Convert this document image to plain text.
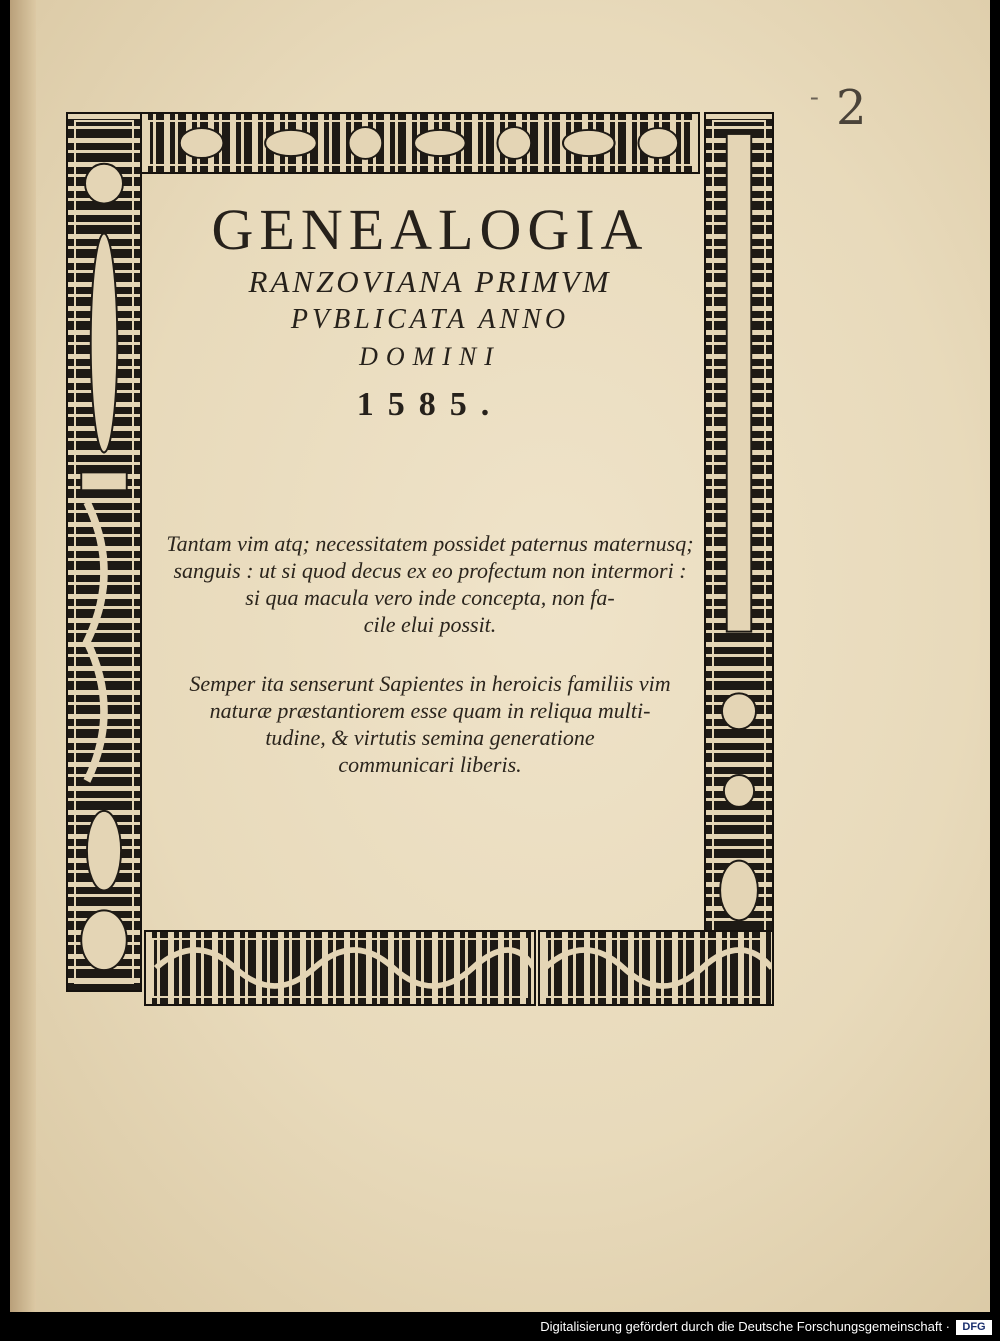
- 2
GENEALOGIA
RANZOVIANA PRIMVM
PVBLICATA ANNO
DOMINI
1585.
Tantam vim atq; necessitatem possidet paternus maternusq;
sanguis : ut si quod decus ex eo profectum non intermori :
si qua macula vero inde concepta, non fa-
cile elui possit.
Semper ita senserunt Sapientes in heroicis familiis vim
naturæ præstantiorem esse quam in reliqua multi-
tudine, & virtutis semina generatione
communicari liberis.
Digitalisierung gefördert durch die Deutsche Forschungsgemeinschaft ·	DFG
